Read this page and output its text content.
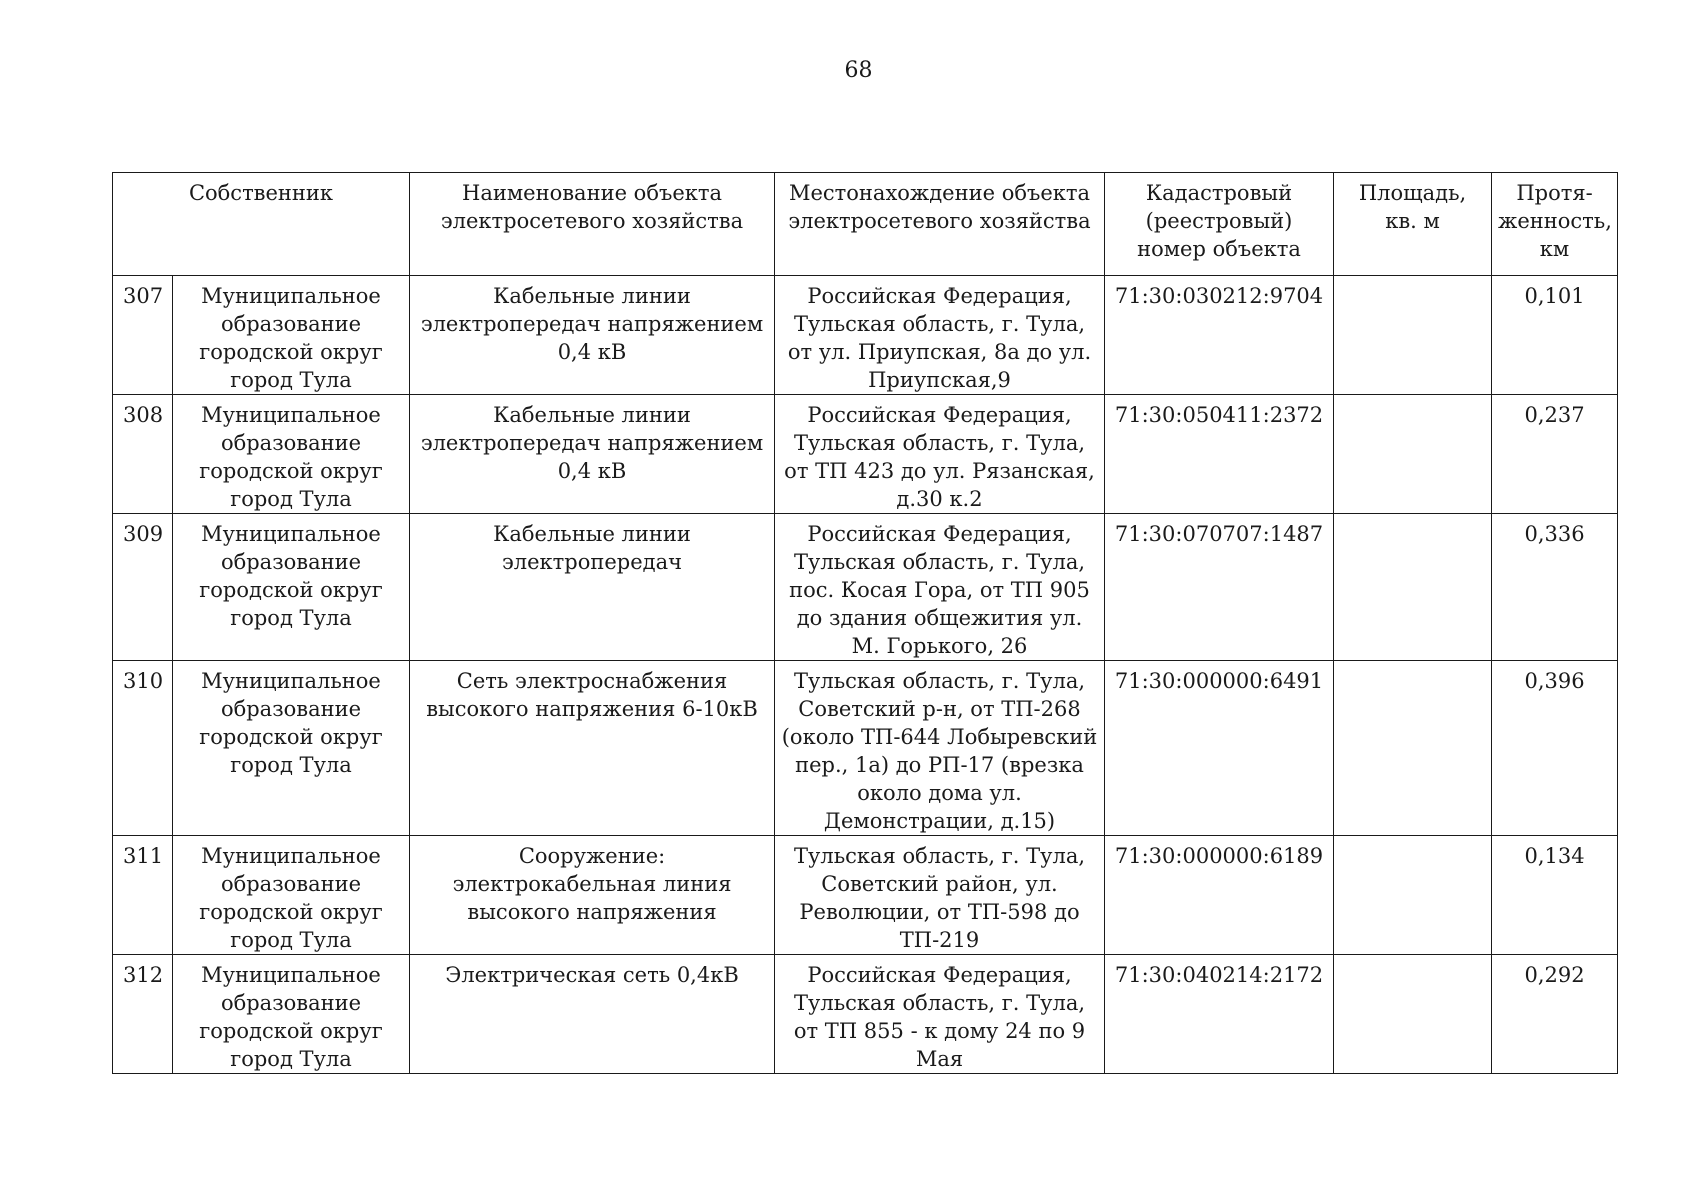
68
Собственник		Наименование объекта электросетевого хозяйства	Местонахождение объекта электросетевого хозяйства	Кадастровый (реестровый) номер объекта	Площадь, кв. м	Протя-женность, км
307	Муниципальное образование городской округ город Тула	Кабельные линии электропередач напряжением 0,4 кВ	Российская Федерация, Тульская область, г. Тула, от ул. Приупская, 8а до ул. Приупская,9	71:30:030212:9704		0,101
308	Муниципальное образование городской округ город Тула	Кабельные линии электропередач напряжением 0,4 кВ	Российская Федерация, Тульская область, г. Тула, от ТП 423 до ул. Рязанская, д.30 к.2	71:30:050411:2372		0,237
309	Муниципальное образование городской округ город Тула	Кабельные линии электропередач	Российская Федерация, Тульская область, г. Тула, пос. Косая Гора, от ТП 905 до здания общежития ул. М. Горького, 26	71:30:070707:1487		0,336
310	Муниципальное образование городской округ город Тула	Сеть электроснабжения высокого напряжения 6-10кВ	Тульская область, г. Тула, Советский р-н, от ТП-268 (около ТП-644 Лобыревский пер., 1а) до РП-17 (врезка около дома ул. Демонстрации, д.15)	71:30:000000:6491		0,396
311	Муниципальное образование городской округ город Тула	Сооружение: электрокабельная линия высокого напряжения	Тульская область, г. Тула, Советский район, ул. Революции, от ТП-598 до ТП-219	71:30:000000:6189		0,134
312	Муниципальное образование городской округ город Тула	Электрическая сеть 0,4кВ	Российская Федерация, Тульская область, г. Тула, от ТП 855 - к дому 24 по 9 Мая	71:30:040214:2172		0,292
